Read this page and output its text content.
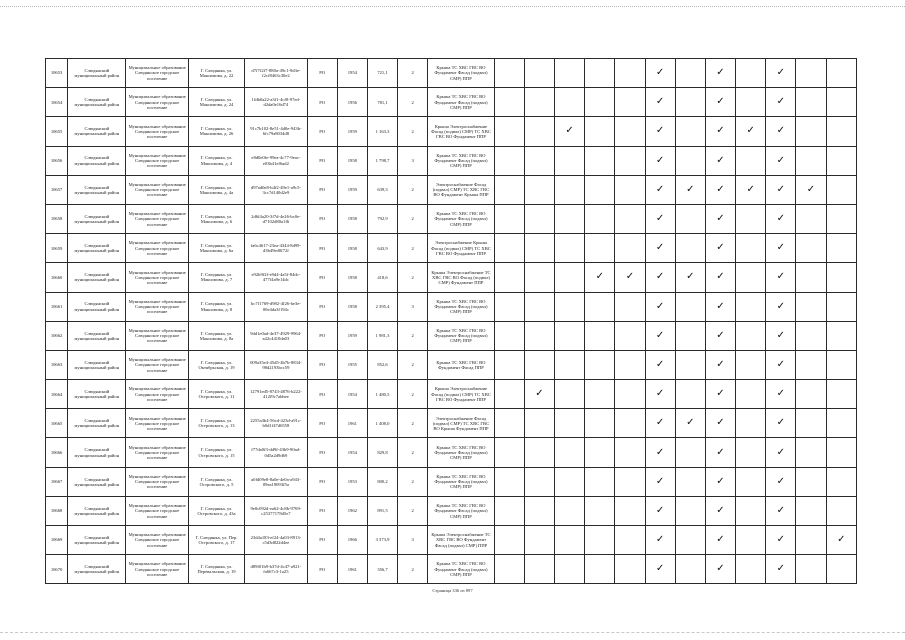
10653	Слюдянский муниципальный район	Муниципальное образование Слюдянское городское поселение	Г. Слюдянка, ул. Максимова, д. 22	d7f7f2f7-880a-49c1-9d3e-f2cf8463c30e2	РО	1954	721,1	2	Крыша ТС ХВС ГВС ВО Фундамент Фасад (подвал) СМР) ППР						✓		✓		✓		
10654	Слюдянский муниципальный район	Муниципальное образование Слюдянское городское поселение	Г. Слюдянка, ул. Максимова, д. 24	1fdb0a22-a3f1-4cf8-97ed-d2da0e16d74	РО	1956	781,1	2	Крыша ТС ХВС ГВС ВО Фундамент Фасад (подвал) СМР) ППР						✓		✓		✓		
10655	Слюдянский муниципальный район	Муниципальное образование Слюдянское городское поселение	Г. Слюдянка, ул. Максимова, д. 26	91c7b102-8e51-4d0e-943b-6fc79a8034d8	РО	1959	1 163,3	2	Крыша Электроснабжение Фасад (подвал) СМР) ТС ХВС ГВС ВО Фундамент ППР			✓			✓		✓	✓	✓		
10656	Слюдянский муниципальный район	Муниципальное образование Слюдянское городское поселение	Г. Слюдянка, ул. Максимова, д. 4	e8d0e0fe-99ea-4c77-9eac-e03b41ef6ad2	РО	1958	1 798,7	3	Крыша ТС ХВС ГВС ВО Фундамент Фасад (подвал) СМР) ППР						✓		✓		✓		
10657	Слюдянский муниципальный район	Муниципальное образование Слюдянское городское поселение	Г. Слюдянка, ул. Максимова, д. 4а	d97ad0e8-b4f2-49e1-a9c5-3cc7d140d2e9	РО	1959	639,3	2	Электроснабжение Фасад (подвал) СМР) ТС ХВС ГВС ВО Фундамент Крыша ППР						✓	✓	✓	✓	✓	✓	
10658	Слюдянский муниципальный район	Муниципальное образование Слюдянское городское поселение	Г. Слюдянка, ул. Максимова, д. 6	2d6f4a20-3f7d-4e26-bc0e-d7102d80a1f6	РО	1958	792,9	2	Крыша ТС ХВС ГВС ВО Фундамент Фасад (подвал) СМР) ППР						✓		✓		✓		
10659	Слюдянский муниципальный район	Муниципальное образование Слюдянское городское поселение	Г. Слюдянка, ул. Максимова, д. 6а	fa6c4617-23ea-4344-8d99-d3b49ed0f72f	РО	1958	643,9	2	Электроснабжение Крыша Фасад (подвал) СМР) ТС ХВС ГВС ВО Фундамент ППР						✓		✓		✓		
10660	Слюдянский муниципальный район	Муниципальное образование Слюдянское городское поселение	Г. Слюдянка, ул. Максимова, д. 7	e92b9f2f-e9d4-4a5f-84dc-477f4a9e14dc	РО	1958	418,6	2	Крыша Электроснабжение ТС ХВС ГВС ВО Фасад (подвал) СМР) Фундамент ППР				✓	✓	✓	✓	✓		✓		
10661	Слюдянский муниципальный район	Муниципальное образование Слюдянское городское поселение	Г. Слюдянка, ул. Максимова, д. 8	bc7f1769-d982-4f26-be3e-00e4da3f194c	РО	1958	2 395,4	3	Крыша ТС ХВС ГВС ВО Фундамент Фасад (подвал) СМР) ППР						✓		✓		✓		
10662	Слюдянский муниципальный район	Муниципальное образование Слюдянское городское поселение	Г. Слюдянка, ул. Максимова, д. 8а	9dd1e0ad-4e37-4929-9964-a42c4410da03	РО	1959	1 981,3	2	Крыша ТС ХВС ГВС ВО Фундамент Фасад (подвал) СМР) ППР						✓		✓		✓		
10663	Слюдянский муниципальный район	Муниципальное образование Слюдянское городское поселение	Г. Слюдянка, ул. Октябрьская, д. 19	009a35e4-45d5-4b7b-8834-98d2193bcc59	РО	1955	852,6	2	Крыша ТС ХВС ГВС ВО Фундамент Фасад ППР						✓		✓		✓		
10664	Слюдянский муниципальный район	Муниципальное образование Слюдянское городское поселение	Г. Слюдянка, ул. Островского, д. 11	12791ed5-8743-4876-b222-412f9c7abbee	РО	1954	1 480,5	2	Крыша Электроснабжение Фасад (подвал) СМР) ТС ХВС ГВС ВО Фундамент ППР		✓				✓		✓		✓		
10665	Слюдянский муниципальный район	Муниципальное образование Слюдянское городское поселение	Г. Слюдянка, ул. Островского, д. 13	2255a3b4-56cd-423d-a91c-b0d1f47d6558	РО	1961	1 408,0	2	Электроснабжение Фасад (подвал) СМР) ТС ХВС ГВС ВО Крыша Фундамент ППР						✓	✓	✓		✓		
10666	Слюдянский муниципальный район	Муниципальное образование Слюдянское городское поселение	Г. Слюдянка, ул. Островского, д. 15	f77da0f3-dd9f-43b9-90ad-0d5a2d9d69	РО	1954	829,8	2	Крыша ТС ХВС ГВС ВО Фундамент Фасад (подвал) СМР) ППР						✓		✓		✓		
10667	Слюдянский муниципальный район	Муниципальное образование Слюдянское городское поселение	Г. Слюдянка, ул. Островского, д. 5	a0fd09e8-8a0e-4e0a-a943-09ea19093f5a	РО	1953	800,2	2	Крыша ТС ХВС ГВС ВО Фундамент Фасад (подвал) СМР) ППР						✓		✓		✓		
10668	Слюдянский муниципальный район	Муниципальное образование Слюдянское городское поселение	Г. Слюдянка, ул. Островского, д. 43а	9e0c092d-ea62-4c8b-9769-c25377178d5e7	РО	1962	891,5	2	Крыша ТС ХВС ГВС ВО Фундамент Фасад (подвал) СМР) ППР						✓		✓		✓		
10669	Слюдянский муниципальный район	Муниципальное образование Слюдянское городское поселение	Г. Слюдянка, ул. Пер. Островского, д. 17	23d4a183-ef24-4a03-8913-c5d3d822d4ee	РО	1966	3 373,9	3	Крыша Электроснабжение ТС ХВС ГВС ВО Фундамент Фасад (подвал) СМР) ППР						✓		✓		✓		✓
10670	Слюдянский муниципальный район	Муниципальное образование Слюдянское городское поселение	Г. Слюдянка, ул. Перевальская, д. 19	d89f01b9-b37d-4c47-a921-fa667c3-1a25	РО	1961	356,7	2	Крыша ТС ХВС ГВС ВО Фундамент Фасад (подвал) СМР) ППР						✓		✓		✓		
Страница 336 из 897
